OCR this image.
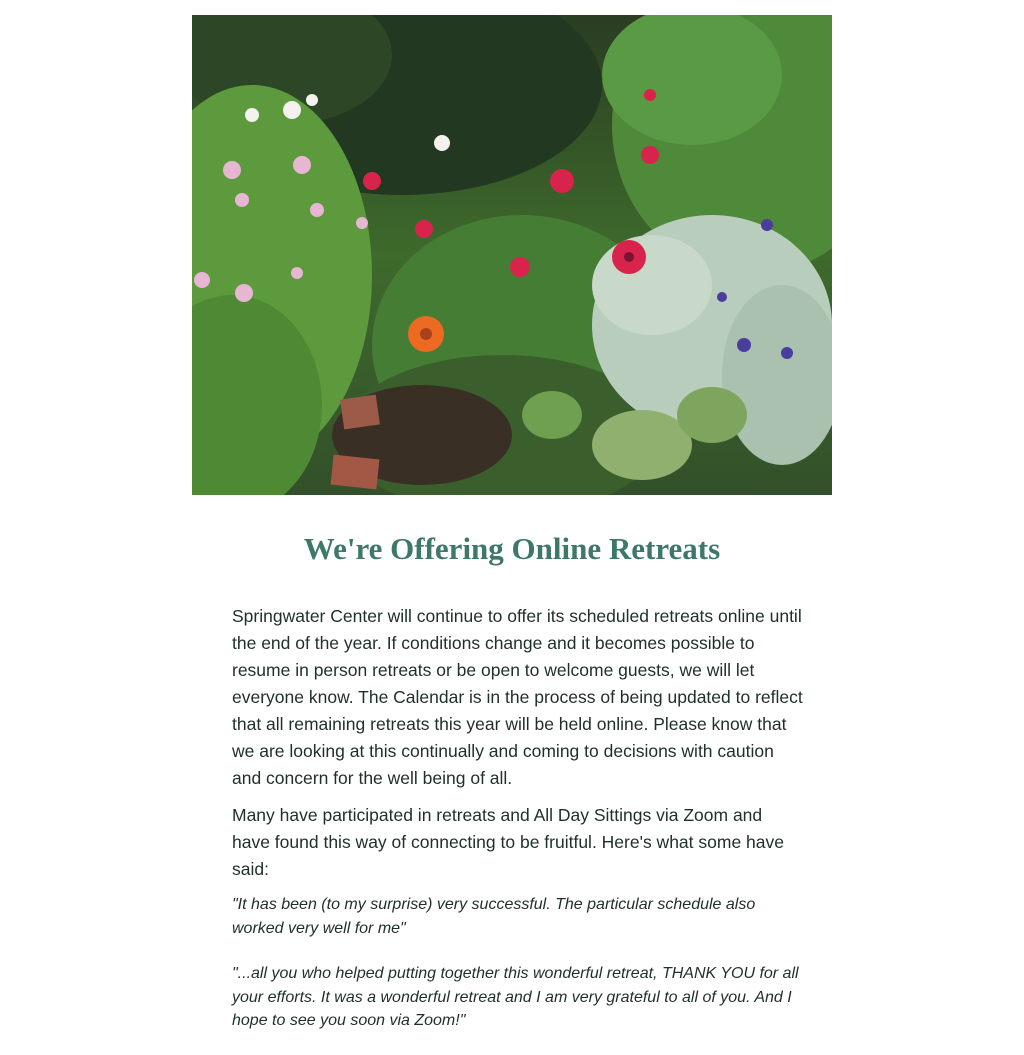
We're Offering Online Retreats

Springwater Center will continue to offer its scheduled retreats online until the end of the year. If conditions change and it becomes possible to resume in person retreats or be open to welcome guests, we will let everyone know. The Calendar is in the process of being updated to reflect that all remaining retreats this year will be held online. Please know that we are looking at this continually and coming to decisions with caution and concern for the well being of all.

Many have participated in retreats and All Day Sittings via Zoom and have found this way of connecting to be fruitful. Here's what some have said:

"It has been (to my surprise) very successful. The particular schedule also worked very well for me"

"...all you who helped putting together this wonderful retreat, THANK YOU for all your efforts. It was a wonderful retreat and I am very grateful to all of you. And I hope to see you soon via Zoom!"
